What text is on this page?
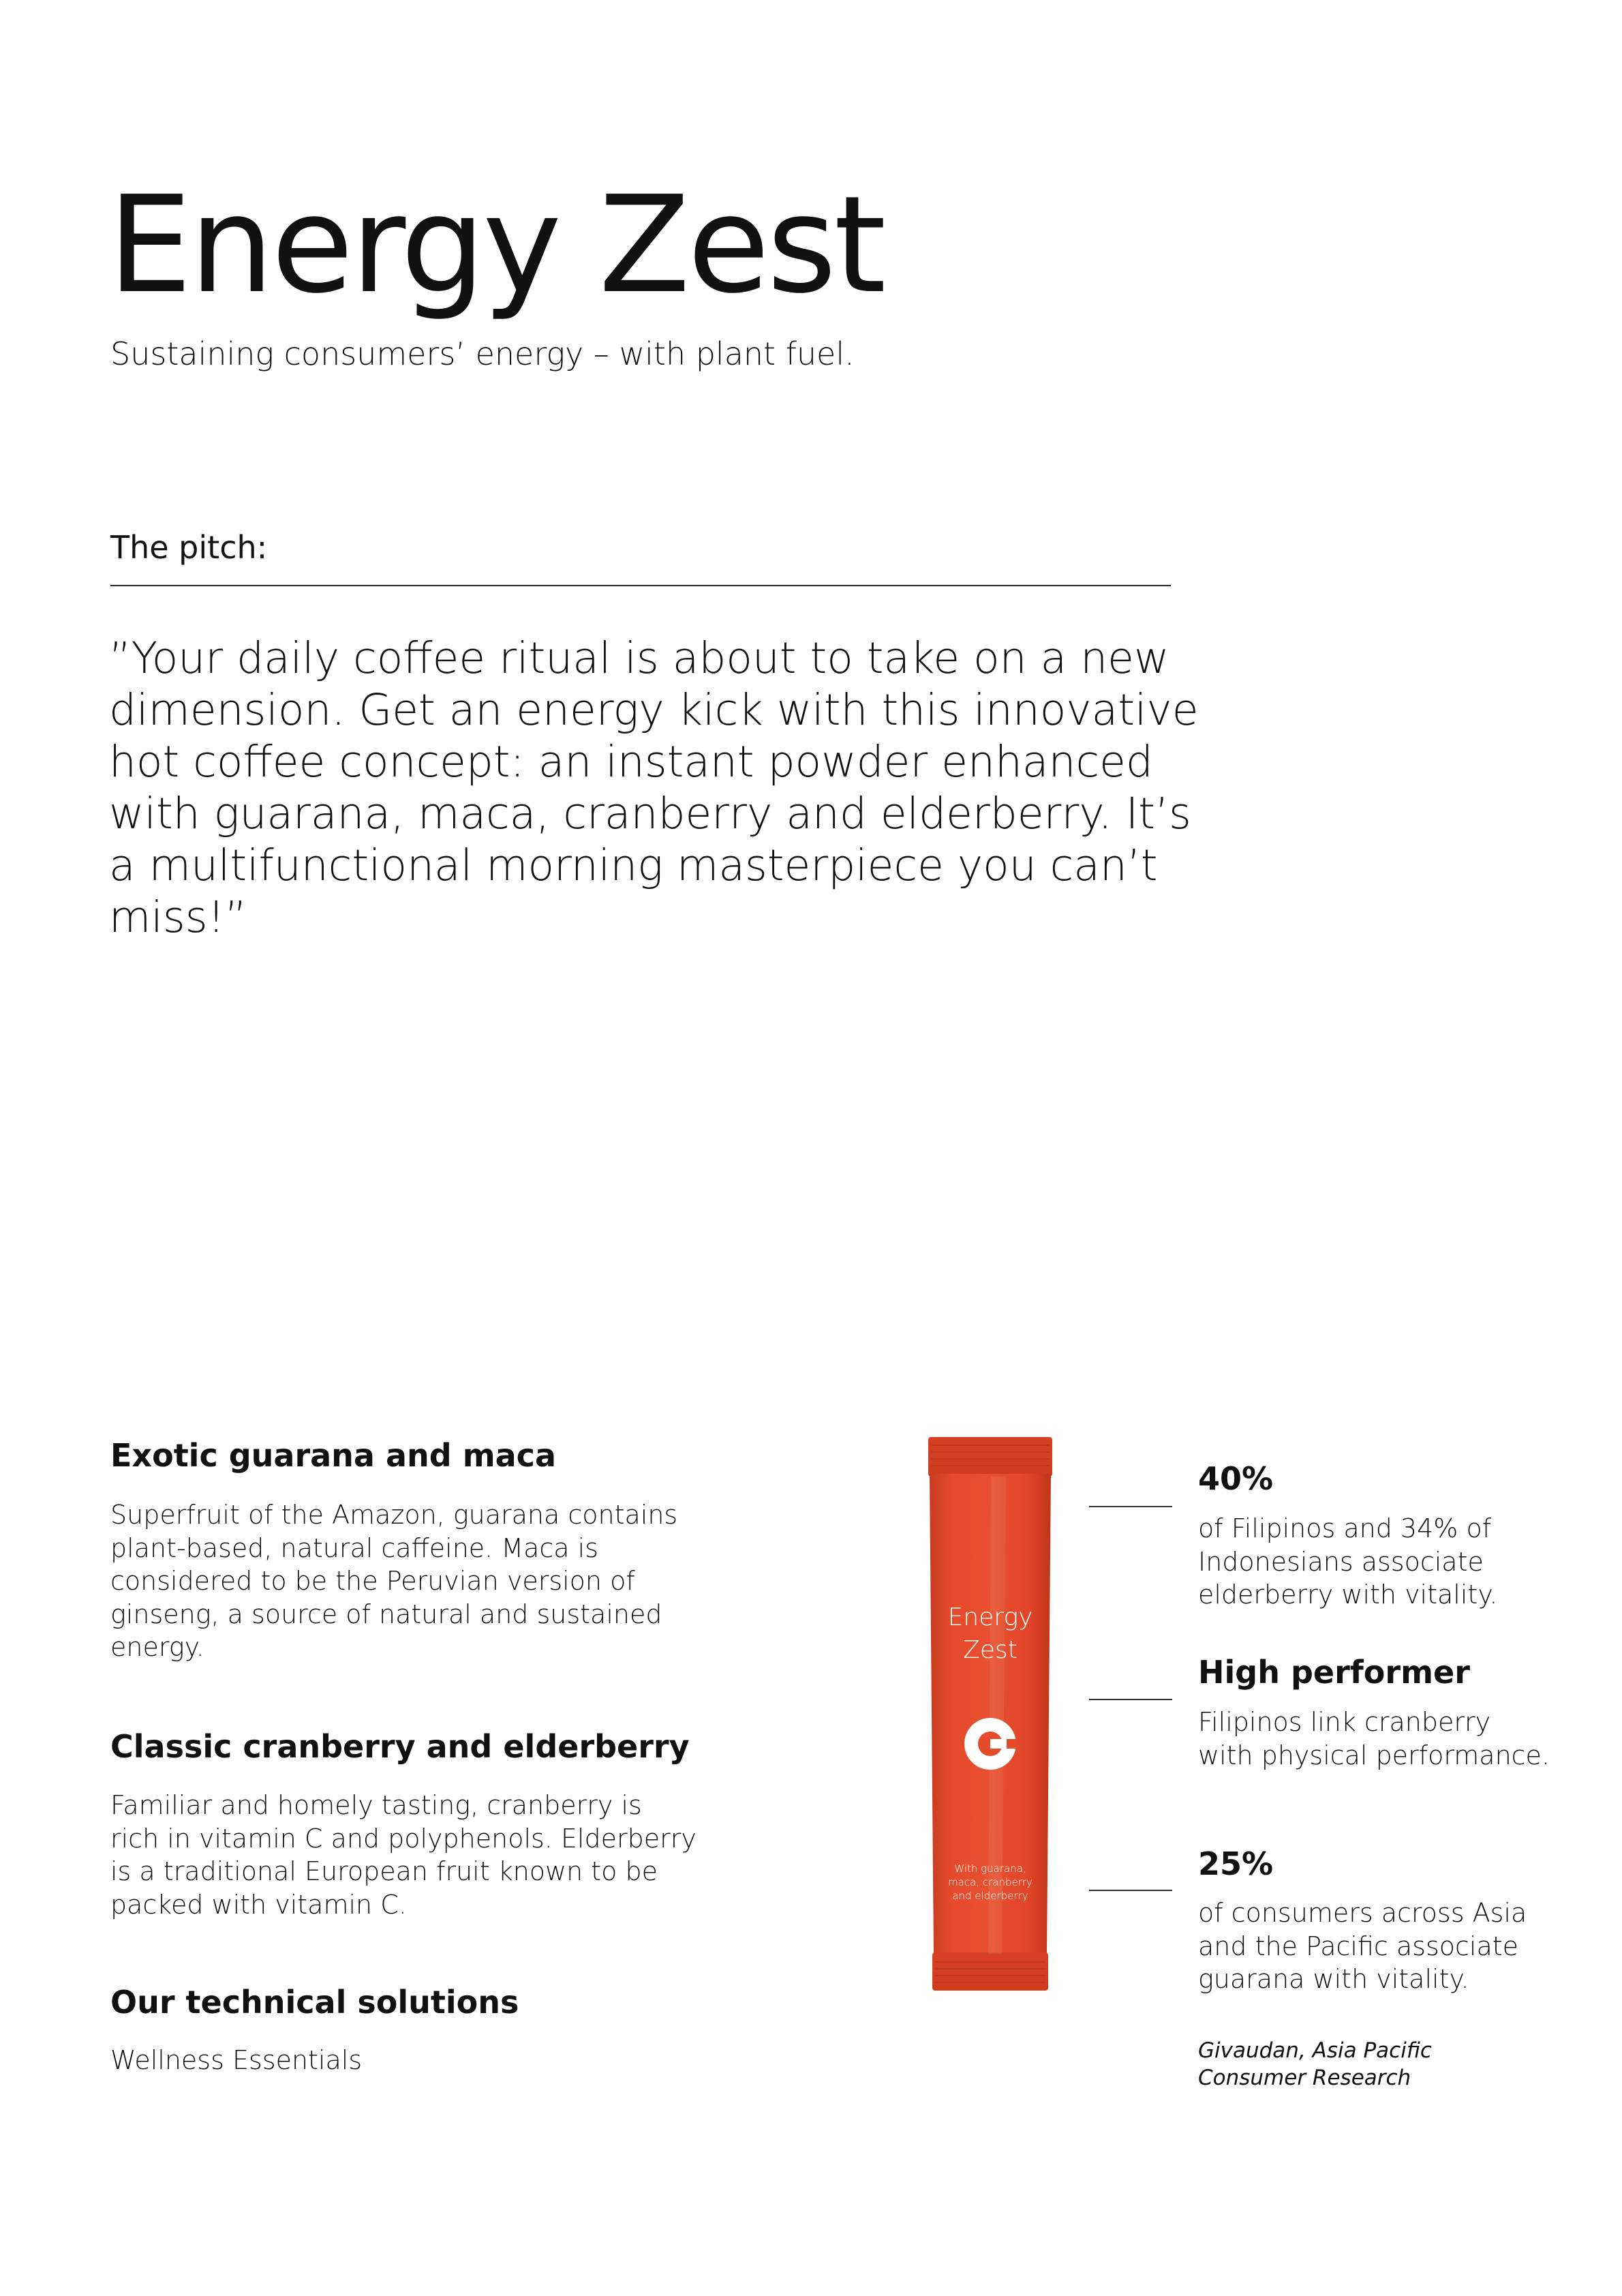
Energy Zest
Sustaining consumers’ energy – with plant fuel.
The pitch:

”Your daily coffee ritual is about to take on a new dimension. Get an energy kick with this innovative hot coffee concept: an instant powder enhanced with guarana, maca, cranberry and elderberry. It’s a multifunctional morning masterpiece you can’t miss!”

Exotic guarana and maca

Superfruit of the Amazon, guarana contains plant-based, natural caffeine. Maca is considered to be the Peruvian version of ginseng, a source of natural and sustained energy.

Classic cranberry and elderberry

Familiar and homely tasting, cranberry is rich in vitamin C and polyphenols. Elderberry is a traditional European fruit known to be packed with vitamin C.

Our technical solutions

Wellness Essentials

Energy
Zest
With guarana,
maca, cranberry
and elderberry
40%

of Filipinos and 34% of Indonesians associate elderberry with vitality.

High performer

Filipinos link cranberry with physical performance.

25%

of consumers across Asia and the Pacific associate guarana with vitality.

Givaudan, Asia Pacific
Consumer Research
